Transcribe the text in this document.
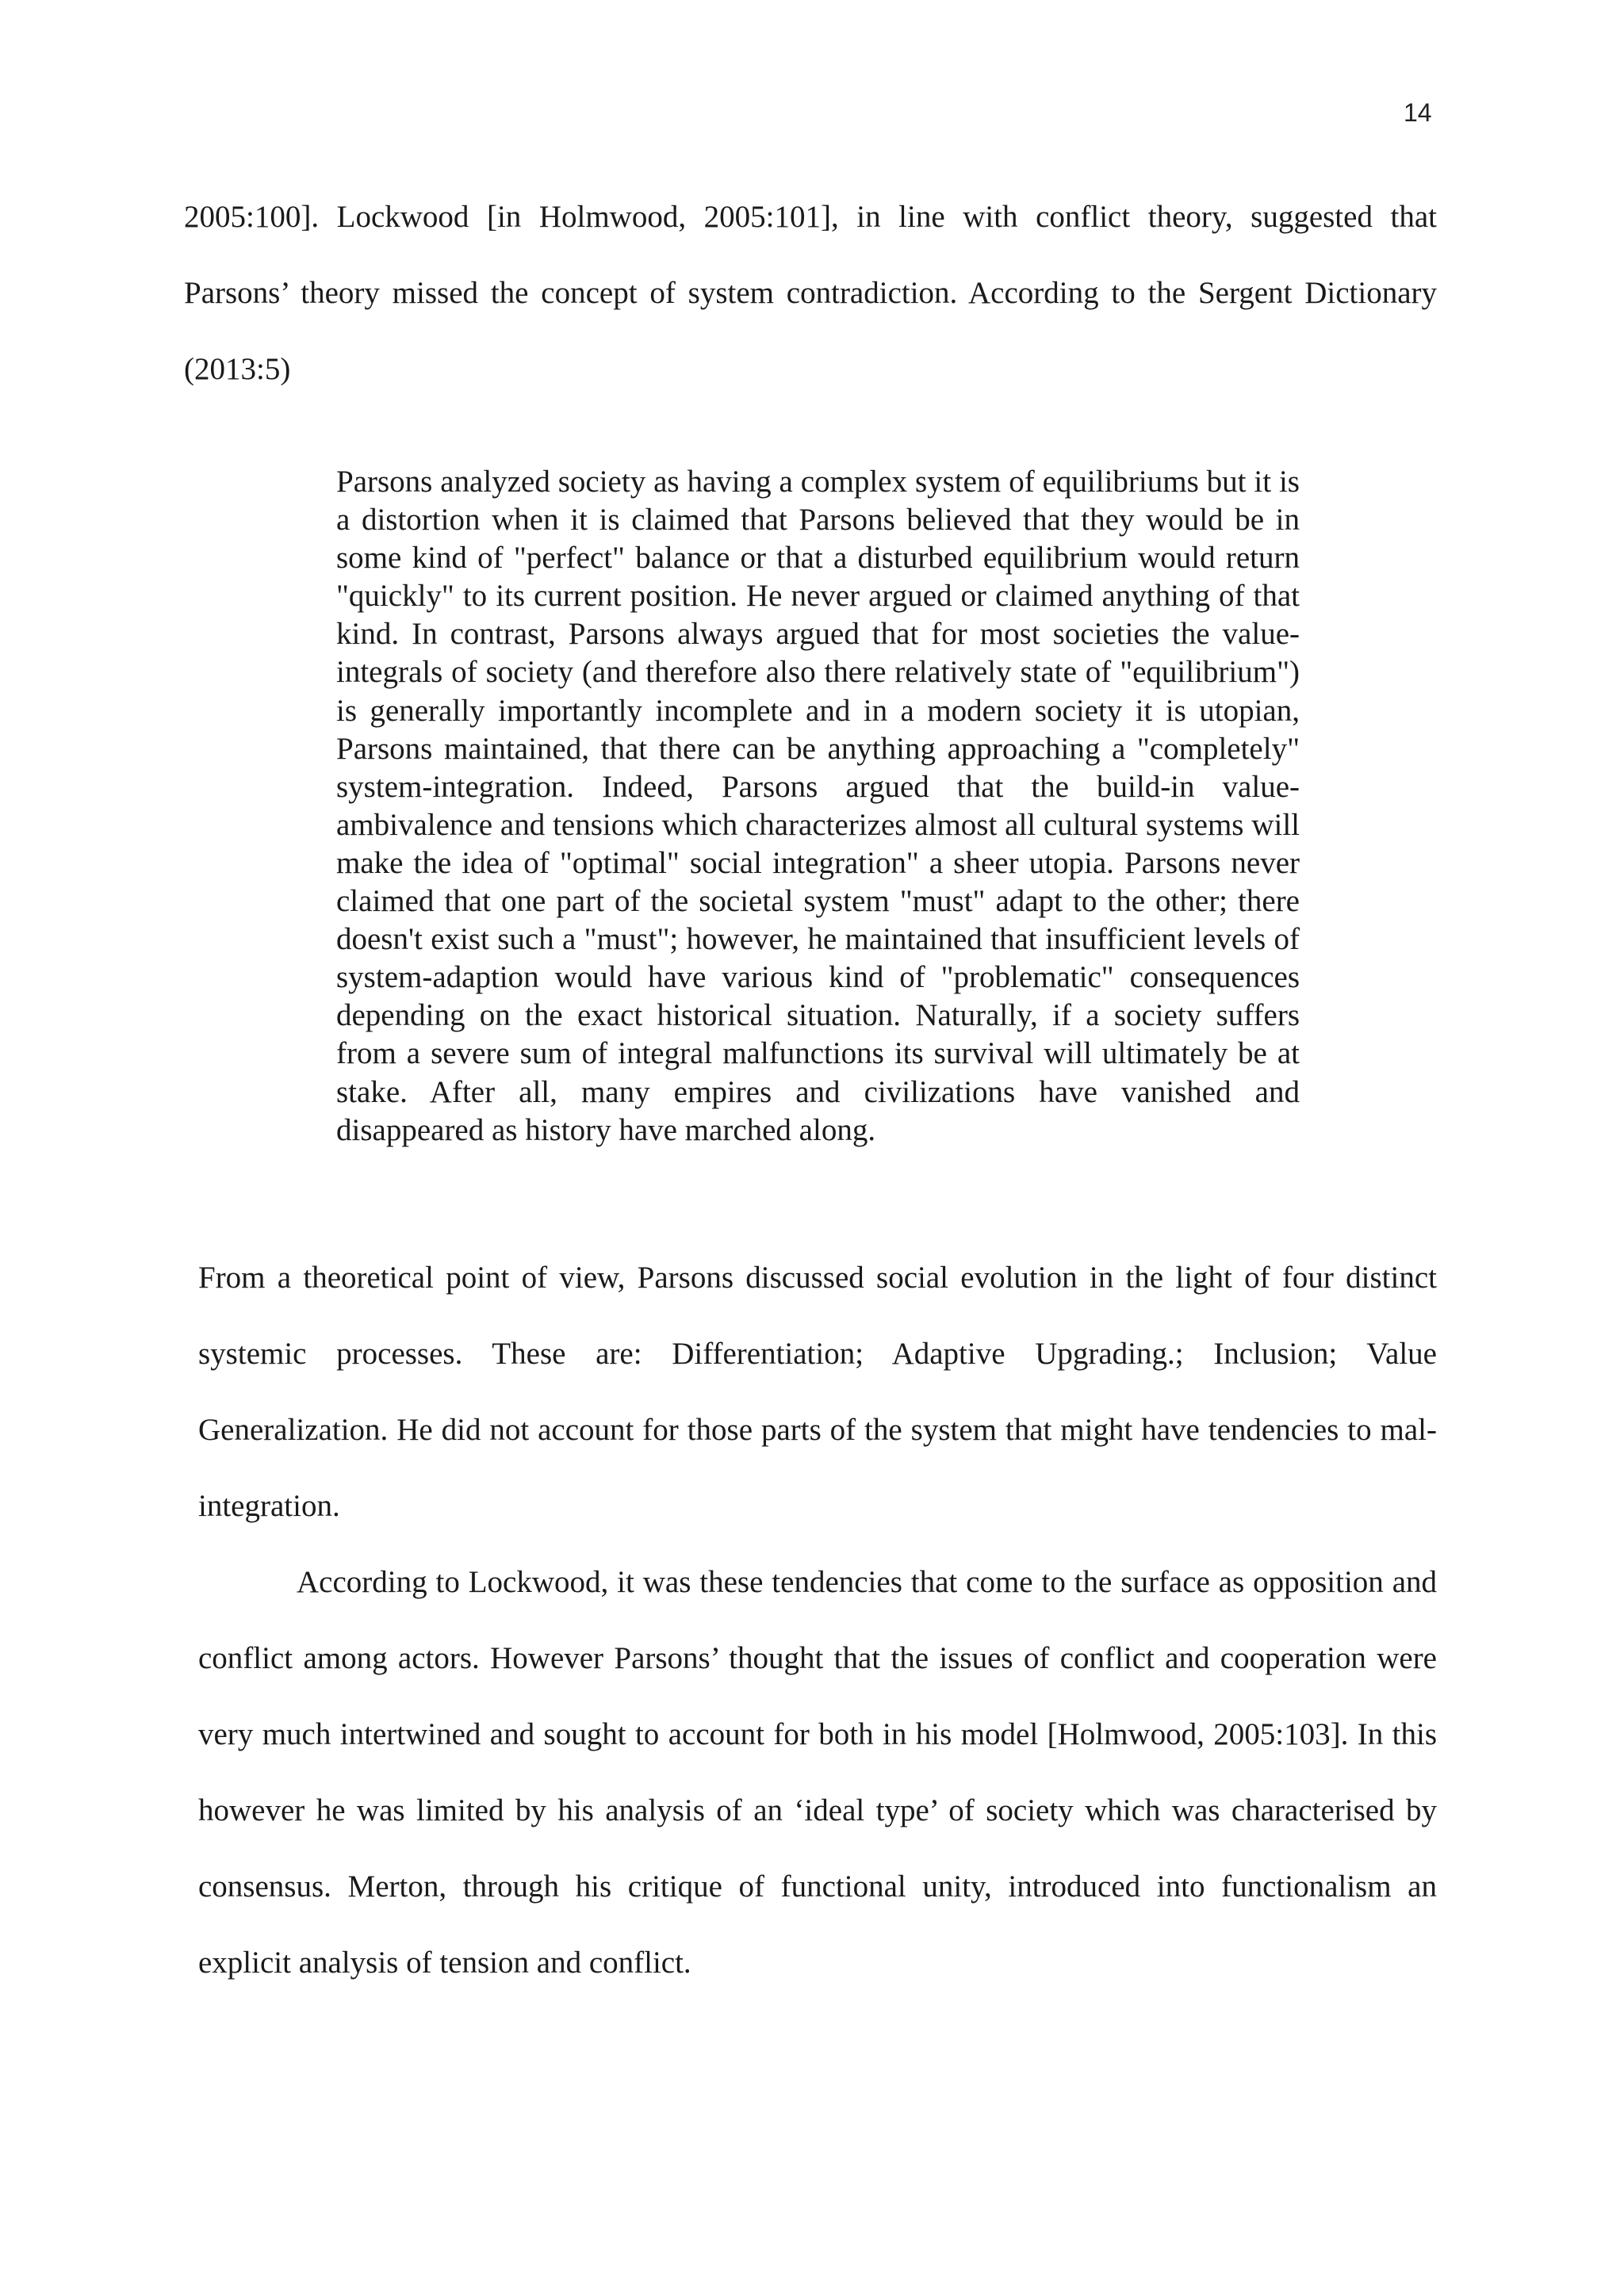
14

2005:100]. Lockwood [in Holmwood, 2005:101], in line with conflict theory, suggested that Parsons’ theory missed the concept of system contradiction. According to the Sergent Dictionary (2013:5)

Parsons analyzed society as having a complex system of equilibriums but it is a distortion when it is claimed that Parsons believed that they would be in some kind of "perfect" balance or that a disturbed equilibrium would return "quickly" to its current position. He never argued or claimed anything of that kind. In contrast, Parsons always argued that for most societies the value-integrals of society (and therefore also there relatively state of "equilibrium") is generally importantly incomplete and in a modern society it is utopian, Parsons maintained, that there can be anything approaching a "completely" system-integration. Indeed, Parsons argued that the build-in value-ambivalence and tensions which characterizes almost all cultural systems will make the idea of "optimal" social integration" a sheer utopia. Parsons never claimed that one part of the societal system "must" adapt to the other; there doesn't exist such a "must"; however, he maintained that insufficient levels of system-adaption would have various kind of "problematic" consequences depending on the exact historical situation. Naturally, if a society suffers from a severe sum of integral malfunctions its survival will ultimately be at stake. After all, many empires and civilizations have vanished and disappeared as history have marched along.

From a theoretical point of view, Parsons discussed social evolution in the light of four distinct systemic processes. These are: Differentiation; Adaptive Upgrading.; Inclusion; Value Generalization. He did not account for those parts of the system that might have tendencies to mal-integration.

According to Lockwood, it was these tendencies that come to the surface as opposition and conflict among actors. However Parsons’ thought that the issues of conflict and cooperation were very much intertwined and sought to account for both in his model [Holmwood, 2005:103]. In this however he was limited by his analysis of an ‘ideal type’ of society which was characterised by consensus. Merton, through his critique of functional unity, introduced into functionalism an explicit analysis of tension and conflict.
